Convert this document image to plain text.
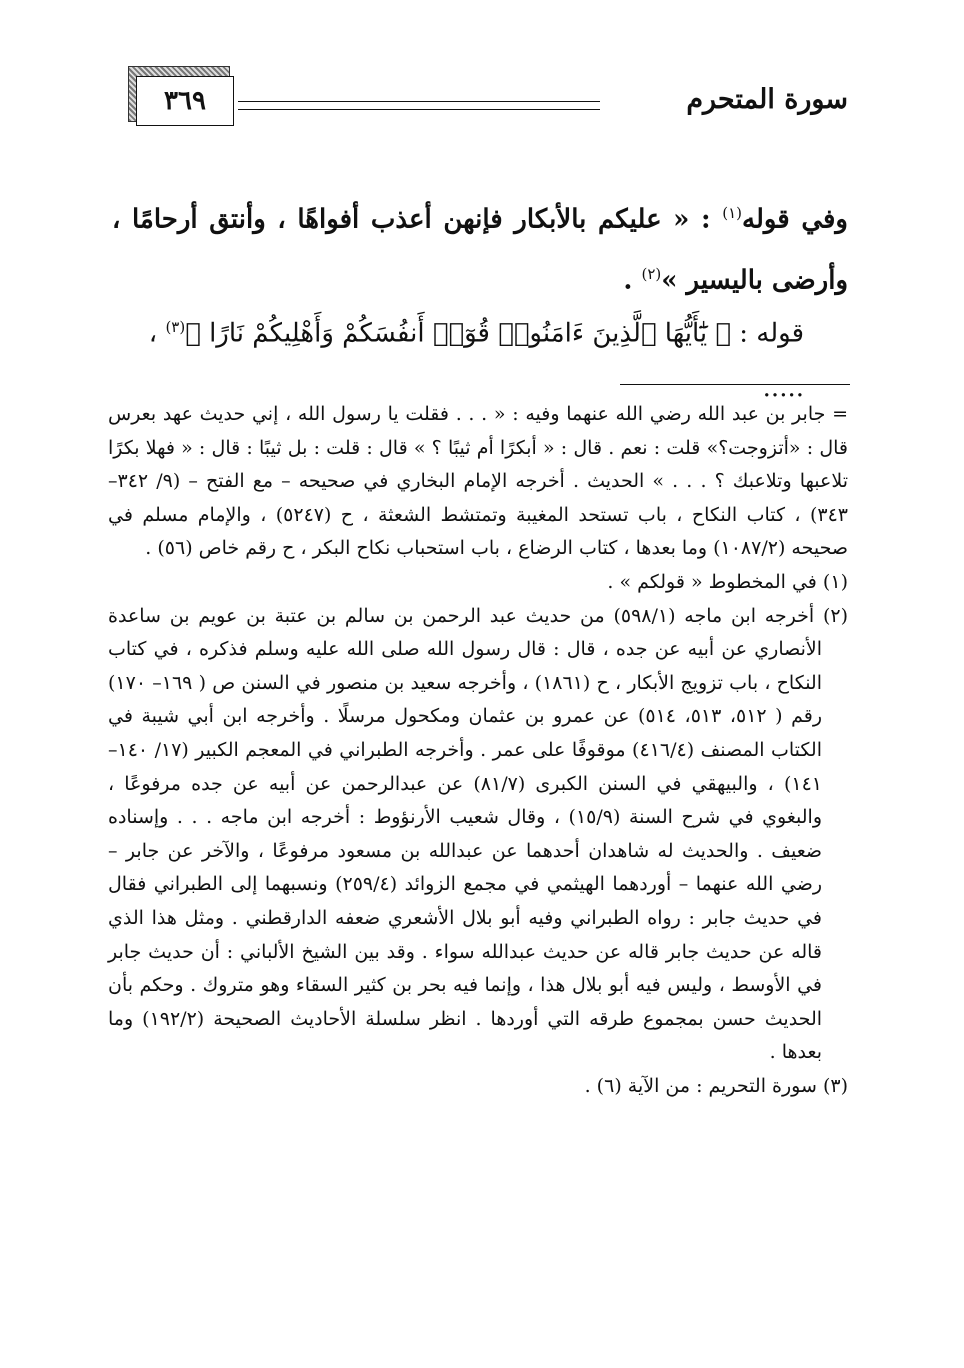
٣٦٩	سورة المتحرم
وفي قوله$^{(١)}$ : « عليكم بالأبكار فإنهن أعذب أفواهًا ، وأنتق أرحامًا ، وأرضى باليسير »$^{(٢)}$ .
قوله : ﴿ يَٰٓأَيُّهَا ٱلَّذِينَ ءَامَنُوا۟ قُوٓا۟ أَنفُسَكُمْ وَأَهْلِيكُمْ نَارًا ﴾$^{(٣)}$ ، .....

= جابر بن عبد الله رضي الله عنهما وفيه : « . . . فقلت يا رسول الله ، إني حديث عهد بعرس قال : «أتزوجت؟» قلت : نعم . قال : « أبكرًا أم ثيبًا ؟ » قال : قلت : بل ثيبًا : قال : « فهلا بكرًا تلاعبها وتلاعبك ؟ . . . » الحديث . أخرجه الإمام البخاري في صحيحه – مع الفتح – (٩/ ٣٤٢– ٣٤٣) ، كتاب النكاح ، باب تستحد المغيبة وتمتشط الشعثة ، ح (٥٢٤٧) ، والإمام مسلم في صحيحه (١٠٨٧/٢) وما بعدها ، كتاب الرضاع ، باب استحباب نكاح البكر ، ح رقم خاص (٥٦) .

(١) في المخطوط « قولكم » .

(٢) أخرجه ابن ماجه (٥٩٨/١) من حديث عبد الرحمن بن سالم بن عتبة بن عويم بن ساعدة الأنصاري عن أبيه عن جده ، قال : قال رسول الله صلى الله عليه وسلم فذكره ، في كتاب النكاح ، باب تزويج الأبكار ، ح (١٨٦١) ، وأخرجه سعيد بن منصور في السنن ص ( ١٦٩– ١٧٠) رقم ( ٥١٢، ٥١٣، ٥١٤) عن عمرو بن عثمان ومكحول مرسلًا . وأخرجه ابن أبي شيبة في الكتاب المصنف (٤١٦/٤) موقوفًا على عمر . وأخرجه الطبراني في المعجم الكبير (١٧/ ١٤٠– ١٤١) ، والبيهقي في السنن الكبرى (٨١/٧) عن عبدالرحمن عن أبيه عن جده مرفوعًا ، والبغوي في شرح السنة (١٥/٩) ، وقال شعيب الأرنؤوط : أخرجه ابن ماجه . . . وإسناده ضعيف . والحديث له شاهدان أحدهما عن عبدالله بن مسعود مرفوعًا ، والآخر عن جابر – رضي الله عنهما – أوردهما الهيثمي في مجمع الزوائد (٢٥٩/٤) ونسبهما إلى الطبراني فقال في حديث جابر : رواه الطبراني وفيه أبو بلال الأشعري ضعفه الدارقطني . ومثل هذا الذي قاله عن حديث جابر قاله عن حديث عبدالله سواء . وقد بين الشيخ الألباني : أن حديث جابر في الأوسط ، وليس فيه أبو بلال هذا ، وإنما فيه بحر بن كثير السقاء وهو متروك . وحكم بأن الحديث حسن بمجموع طرقه التي أوردها . انظر سلسلة الأحاديث الصحيحة (١٩٢/٢) وما بعدها .

(٣) سورة التحريم : من الآية (٦) .
